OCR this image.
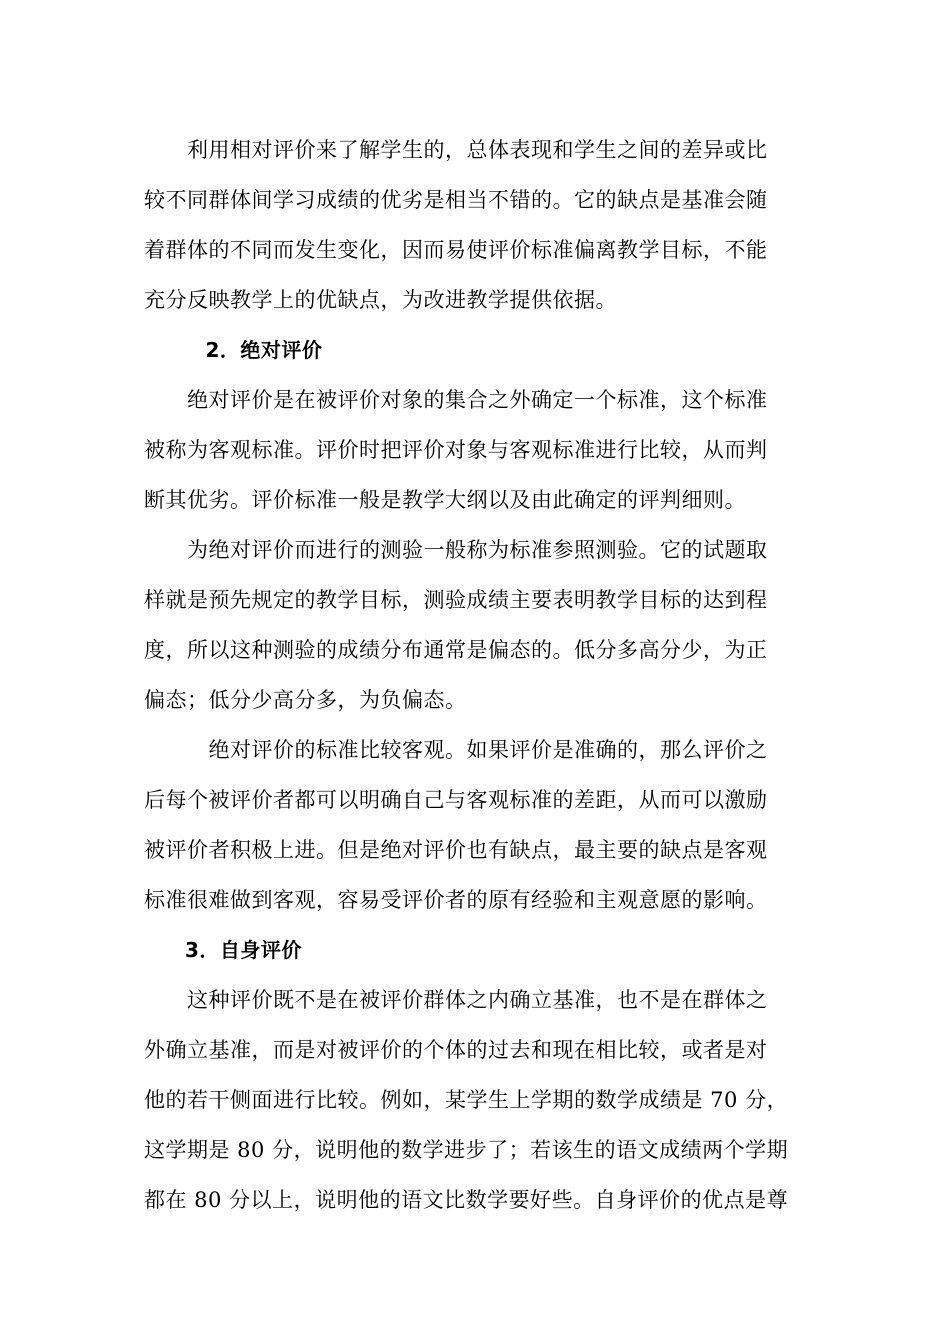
　　利用相对评价来了解学生的，总体表现和学生之间的差异或比
较不同群体间学习成绩的优劣是相当不错的。它的缺点是基准会随
着群体的不同而发生变化，因而易使评价标准偏离教学目标，不能
充分反映教学上的优缺点，为改进教学提供依据。
　　　2．绝对评价
　　绝对评价是在被评价对象的集合之外确定一个标准，这个标准
被称为客观标准。评价时把评价对象与客观标准进行比较，从而判
断其优劣。评价标准一般是教学大纲以及由此确定的评判细则。
　　为绝对评价而进行的测验一般称为标准参照测验。它的试题取
样就是预先规定的教学目标，测验成绩主要表明教学目标的达到程
度，所以这种测验的成绩分布通常是偏态的。低分多高分少，为正
偏态；低分少高分多，为负偏态。
　　　绝对评价的标准比较客观。如果评价是准确的，那么评价之
后每个被评价者都可以明确自己与客观标准的差距，从而可以激励
被评价者积极上进。但是绝对评价也有缺点，最主要的缺点是客观
标准很难做到客观，容易受评价者的原有经验和主观意愿的影响。
　　3．自身评价
　　这种评价既不是在被评价群体之内确立基准，也不是在群体之
外确立基准，而是对被评价的个体的过去和现在相比较，或者是对
他的若干侧面进行比较。例如，某学生上学期的数学成绩是 70 分，
这学期是 80 分，说明他的数学进步了；若该生的语文成绩两个学期
都在 80 分以上，说明他的语文比数学要好些。自身评价的优点是尊
